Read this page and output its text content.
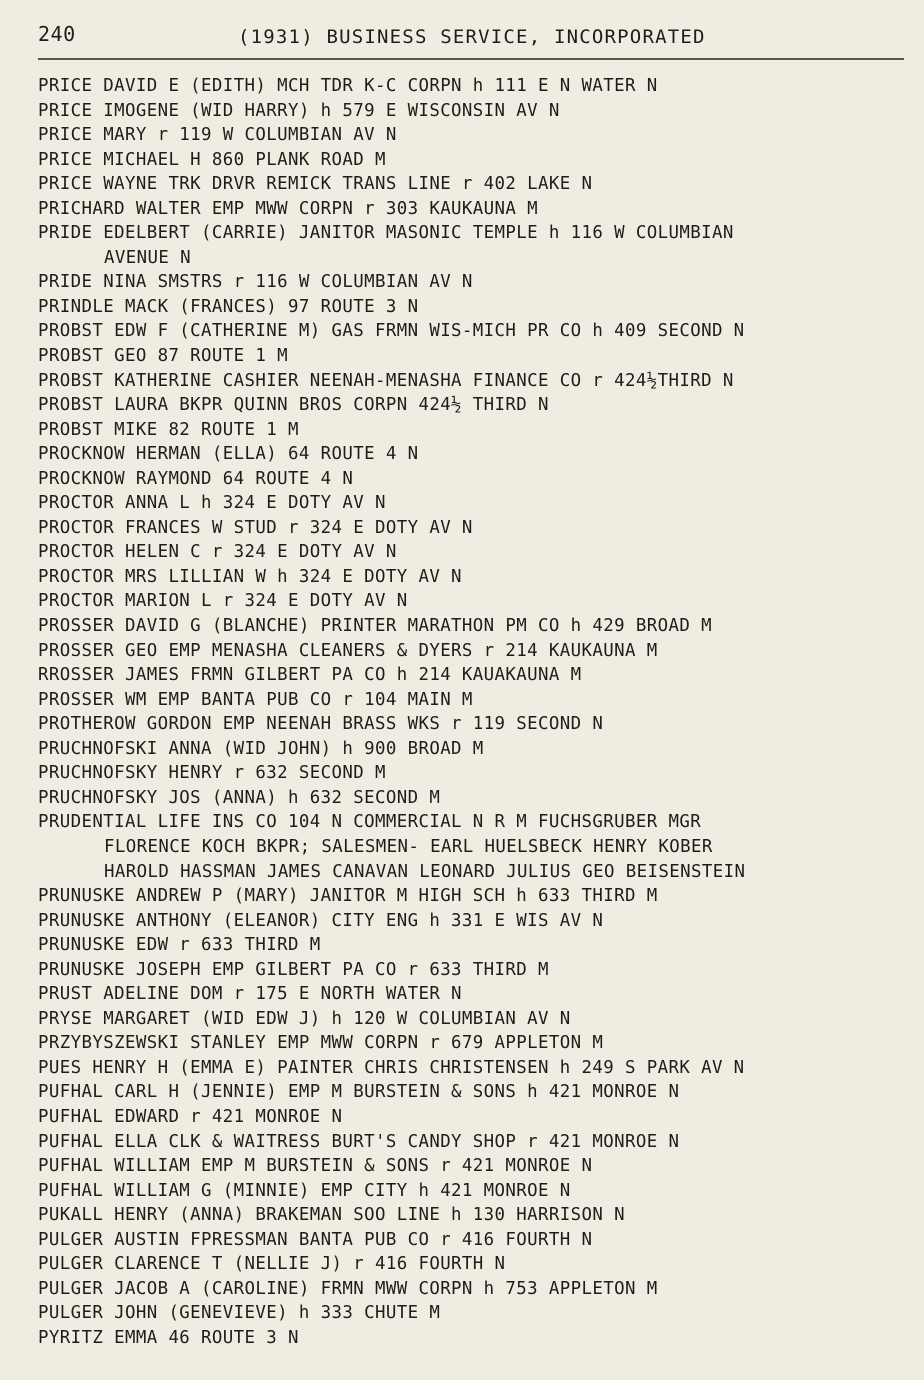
240	(1931) BUSINESS SERVICE, INCORPORATED
PRICE DAVID E (EDITH) MCH TDR K-C CORPN h 111 E N WATER N
PRICE IMOGENE (WID HARRY) h 579 E WISCONSIN AV N
PRICE MARY r 119 W COLUMBIAN AV N
PRICE MICHAEL H 860 PLANK ROAD M
PRICE WAYNE TRK DRVR REMICK TRANS LINE r 402 LAKE N
PRICHARD WALTER EMP MWW CORPN r 303 KAUKAUNA M
PRIDE EDELBERT (CARRIE) JANITOR MASONIC TEMPLE h 116 W COLUMBIAN
AVENUE N
PRIDE NINA SMSTRS r 116 W COLUMBIAN AV N
PRINDLE MACK (FRANCES) 97 ROUTE 3 N
PROBST EDW F (CATHERINE M) GAS FRMN WIS-MICH PR CO h 409 SECOND N
PROBST GEO 87 ROUTE 1 M
PROBST KATHERINE CASHIER NEENAH-MENASHA FINANCE CO r 424½THIRD N
PROBST LAURA BKPR QUINN BROS CORPN 424½ THIRD N
PROBST MIKE 82 ROUTE 1 M
PROCKNOW HERMAN (ELLA) 64 ROUTE 4 N
PROCKNOW RAYMOND 64 ROUTE 4 N
PROCTOR ANNA L h 324 E DOTY AV N
PROCTOR FRANCES W STUD r 324 E DOTY AV N
PROCTOR HELEN C r 324 E DOTY AV N
PROCTOR MRS LILLIAN W h 324 E DOTY AV N
PROCTOR MARION L r 324 E DOTY AV N
PROSSER DAVID G (BLANCHE) PRINTER MARATHON PM CO h 429 BROAD M
PROSSER GEO EMP MENASHA CLEANERS & DYERS r 214 KAUKAUNA M
RROSSER JAMES FRMN GILBERT PA CO h 214 KAUAKAUNA M
PROSSER WM EMP BANTA PUB CO r 104 MAIN M
PROTHEROW GORDON EMP NEENAH BRASS WKS r 119 SECOND N
PRUCHNOFSKI ANNA (WID JOHN) h 900 BROAD M
PRUCHNOFSKY HENRY r 632 SECOND M
PRUCHNOFSKY JOS (ANNA) h 632 SECOND M
PRUDENTIAL LIFE INS CO 104 N COMMERCIAL N R M FUCHSGRUBER MGR
FLORENCE KOCH BKPR; SALESMEN- EARL HUELSBECK HENRY KOBER
HAROLD HASSMAN JAMES CANAVAN LEONARD JULIUS GEO BEISENSTEIN
PRUNUSKE ANDREW P (MARY) JANITOR M HIGH SCH h 633 THIRD M
PRUNUSKE ANTHONY (ELEANOR) CITY ENG h 331 E WIS AV N
PRUNUSKE EDW r 633 THIRD M
PRUNUSKE JOSEPH EMP GILBERT PA CO r 633 THIRD M
PRUST ADELINE DOM r 175 E NORTH WATER N
PRYSE MARGARET (WID EDW J) h 120 W COLUMBIAN AV N
PRZYBYSZEWSKI STANLEY EMP MWW CORPN r 679 APPLETON M
PUES HENRY H (EMMA E) PAINTER CHRIS CHRISTENSEN h 249 S PARK AV N
PUFHAL CARL H (JENNIE) EMP M BURSTEIN & SONS h 421 MONROE N
PUFHAL EDWARD r 421 MONROE N
PUFHAL ELLA CLK & WAITRESS BURT'S CANDY SHOP r 421 MONROE N
PUFHAL WILLIAM EMP M BURSTEIN & SONS r 421 MONROE N
PUFHAL WILLIAM G (MINNIE) EMP CITY h 421 MONROE N
PUKALL HENRY (ANNA) BRAKEMAN SOO LINE h 130 HARRISON N
PULGER AUSTIN FPRESSMAN BANTA PUB CO r 416 FOURTH N
PULGER CLARENCE T (NELLIE J) r 416 FOURTH N
PULGER JACOB A (CAROLINE) FRMN MWW CORPN h 753 APPLETON M
PULGER JOHN (GENEVIEVE) h 333 CHUTE M
PYRITZ EMMA 46 ROUTE 3 N
